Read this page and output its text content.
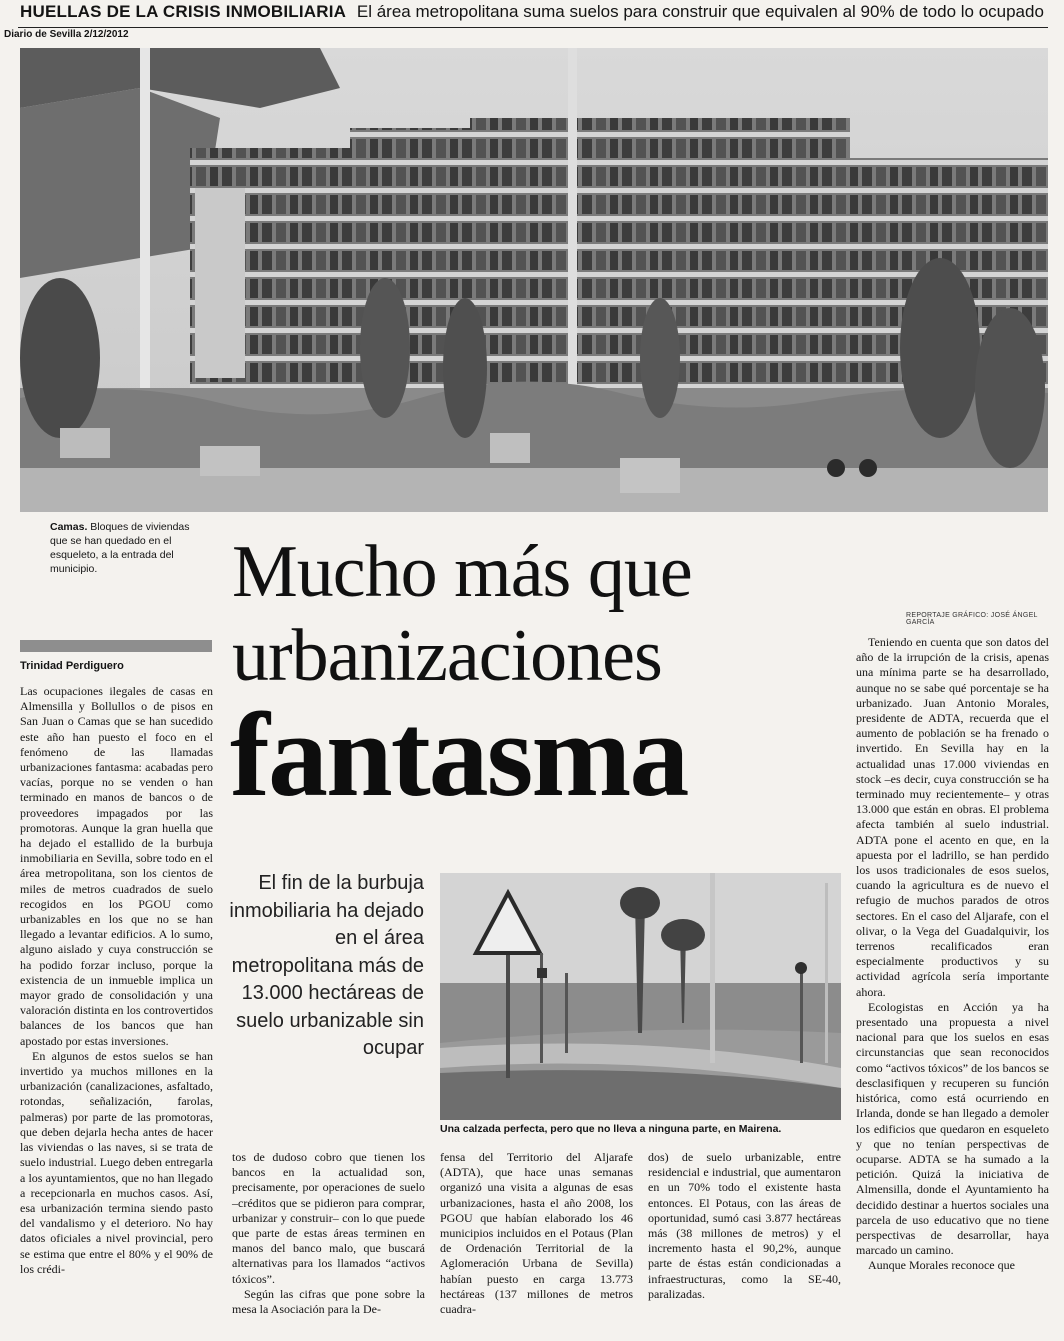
HUELLAS DE LA CRISIS INMOBILIARIA El área metropolitana suma suelos para construir que equivalen al 90% de todo lo ocupado
Diario de Sevilla 2/12/2012
Camas. Bloques de viviendas que se han quedado en el esqueleto, a la entrada del municipio.
REPORTAJE GRÁFICO: JOSÉ ÁNGEL GARCÍA
Mucho más que
urbanizaciones
fantasma
El fin de la burbuja inmobiliaria ha dejado en el área metropolitana más de 13.000 hectáreas de suelo urbanizable sin ocupar
Trinidad Perdiguero

Las ocupaciones ilegales de casas en Almensilla y Bollullos o de pisos en San Juan o Camas que se han sucedido este año han puesto el foco en el fenómeno de las llamadas urbanizaciones fantasma: acabadas pero vacías, porque no se venden o han terminado en manos de bancos o de proveedores impagados por las promotoras. Aunque la gran huella que ha dejado el estallido de la burbuja inmobiliaria en Sevilla, sobre todo en el área metropolitana, son los cientos de miles de metros cuadrados de suelo recogidos en los PGOU como urbanizables en los que no se han llegado a levantar edificios. A lo sumo, alguno aislado y cuya construcción se ha podido forzar incluso, porque la existencia de un inmueble implica un mayor grado de consolidación y una valoración distinta en los controvertidos balances de los bancos que han apostado por estas inversiones.

En algunos de estos suelos se han invertido ya muchos millones en la urbanización (canalizaciones, asfaltado, rotondas, señalización, farolas, palmeras) por parte de las promotoras, que deben dejarla hecha antes de hacer las viviendas o las naves, si se trata de suelo industrial. Luego deben entregarla a los ayuntamientos, que no han llegado a recepcionarla en muchos casos. Así, esa urbanización termina siendo pasto del vandalismo y el deterioro. No hay datos oficiales a nivel provincial, pero se estima que entre el 80% y el 90% de los crédi-

Una calzada perfecta, pero que no lleva a ninguna parte, en Mairena.

tos de dudoso cobro que tienen los bancos en la actualidad son, precisamente, por operaciones de suelo –créditos que se pidieron para comprar, urbanizar y construir– con lo que puede que parte de estas áreas terminen en manos del banco malo, que buscará alternativas para los llamados “activos tóxicos”.

Según las cifras que pone sobre la mesa la Asociación para la De-

fensa del Territorio del Aljarafe (ADTA), que hace unas semanas organizó una visita a algunas de esas urbanizaciones, hasta el año 2008, los PGOU que habían elaborado los 46 municipios incluidos en el Potaus (Plan de Ordenación Territorial de la Aglomeración Urbana de Sevilla) habían puesto en carga 13.773 hectáreas (137 millones de metros cuadra-

dos) de suelo urbanizable, entre residencial e industrial, que aumentaron en un 70% todo el existente hasta entonces. El Potaus, con las áreas de oportunidad, sumó casi 3.877 hectáreas más (38 millones de metros) y el incremento hasta el 90,2%, aunque parte de éstas están condicionadas a infraestructuras, como la SE-40, paralizadas.

Teniendo en cuenta que son datos del año de la irrupción de la crisis, apenas una mínima parte se ha desarrollado, aunque no se sabe qué porcentaje se ha urbanizado. Juan Antonio Morales, presidente de ADTA, recuerda que el aumento de población se ha frenado o invertido. En Sevilla hay en la actualidad unas 17.000 viviendas en stock –es decir, cuya construcción se ha terminado muy recientemente– y otras 13.000 que están en obras. El problema afecta también al suelo industrial. ADTA pone el acento en que, en la apuesta por el ladrillo, se han perdido los usos tradicionales de esos suelos, cuando la agricultura es de nuevo el refugio de muchos parados de otros sectores. En el caso del Aljarafe, con el olivar, o la Vega del Guadalquivir, los terrenos recalificados eran especialmente productivos y su actividad agrícola sería importante ahora.

Ecologistas en Acción ya ha presentado una propuesta a nivel nacional para que los suelos en esas circunstancias que sean reconocidos como “activos tóxicos” de los bancos se desclasifiquen y recuperen su función histórica, como está ocurriendo en Irlanda, donde se han llegado a demoler los edificios que quedaron en esqueleto y que no tenían perspectivas de ocuparse. ADTA se ha sumado a la petición. Quizá la iniciativa de Almensilla, donde el Ayuntamiento ha decidido destinar a huertos sociales una parcela de uso educativo que no tiene perspectivas de desarrollar, haya marcado un camino.

Aunque Morales reconoce que
